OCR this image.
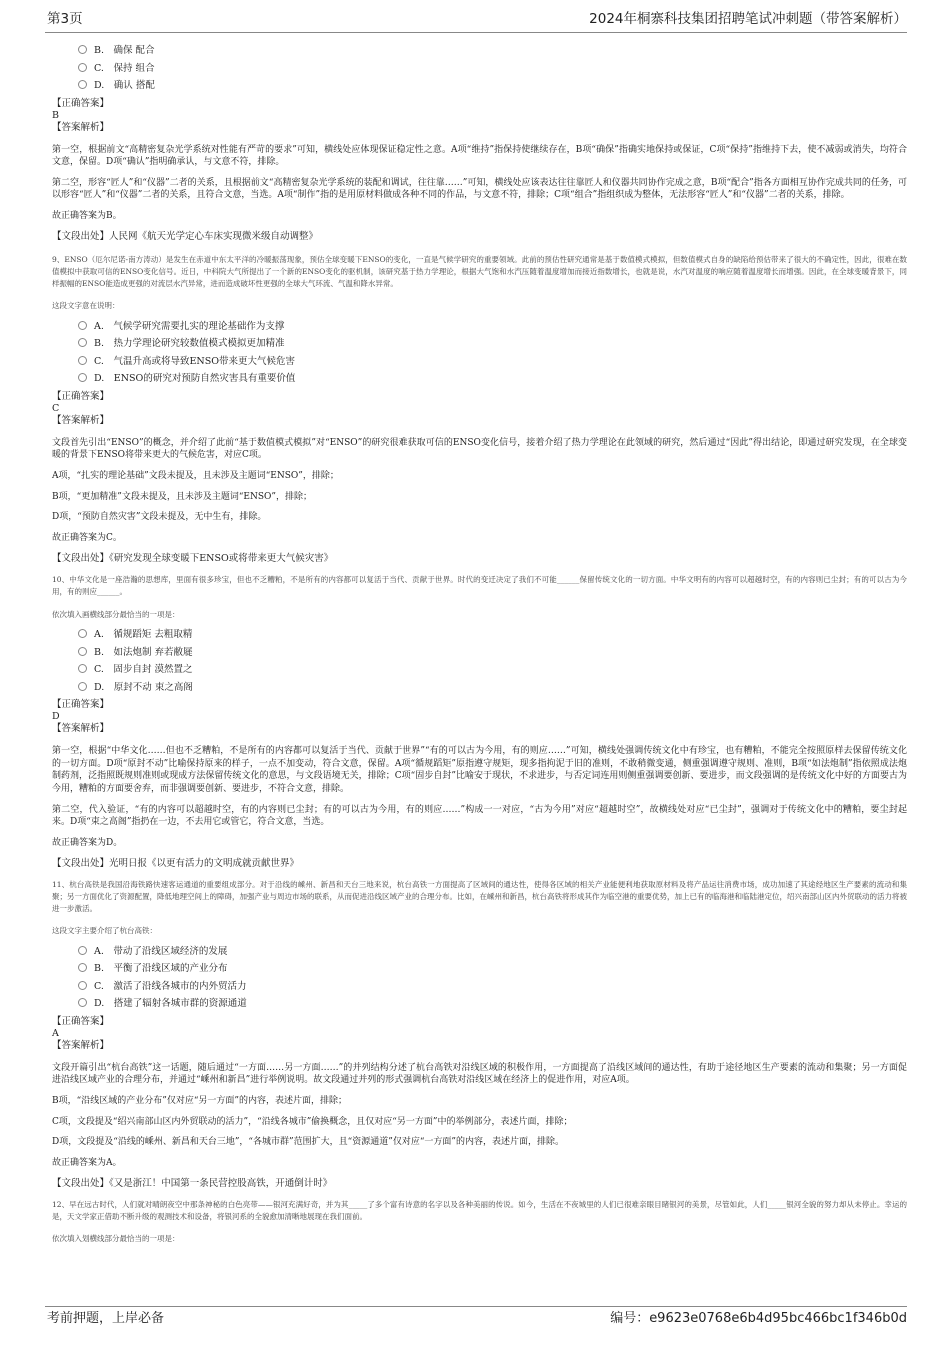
第3页	2024年桐寨科技集团招聘笔试冲刺题（带答案解析）
B.　确保 配合
C.　保持 组合
D.　确认 搭配

【正确答案】

B

【答案解析】

第一空，根据前文“高精密复杂光学系统对性能有严苛的要求”可知，横线处应体现保证稳定性之意。A项“维持”指保持使继续存在，B项“确保”指确实地保持或保证，C项“保持”指维持下去，使不减弱或消失，均符合文意，保留。D项“确认”指明确承认，与文意不符，排除。

第二空，形容“匠人”和“仪器”二者的关系，且根据前文“高精密复杂光学系统的装配和调试，往往靠……”可知，横线处应该表达往往靠匠人和仪器共同协作完成之意，B项“配合”指各方面相互协作完成共同的任务，可以形容“匠人”和“仪器”二者的关系，且符合文意，当选。A项“制作”指的是用原材料做成各种不同的作品，与文意不符，排除；C项“组合”指组织成为整体，无法形容“匠人”和“仪器”二者的关系，排除。

故正确答案为B。

【文段出处】人民网《航天光学定心车床实现微米级自动调整》

9、ENSO（厄尔尼诺-南方涛动）是发生在赤道中东太平洋的冷暖振荡现象，预估全球变暖下ENSO的变化，一直是气候学研究的重要领域。此前的预估性研究通常是基于数值模式模拟，但数值模式自身的缺陷给预估带来了很大的不确定性，因此，很难在数值模拟中获取可信的ENSO变化信号。近日，中科院大气所提出了一个新的ENSO变化的驱机制，该研究基于热力学理论，根据大气饱和水汽压随着温度增加而接近指数增长，也就是说，水汽对温度的响应随着温度增长而增强。因此，在全球变暖背景下，同样振幅的ENSO能造成更强的对流层水汽异常，进而造成破坏性更强的全球大气环流、气温和降水异常。

这段文字意在说明：

A.　气候学研究需要扎实的理论基础作为支撑
B.　热力学理论研究较数值模式模拟更加精准
C.　气温升高或将导致ENSO带来更大气候危害
D.　ENSO的研究对预防自然灾害具有重要价值

【正确答案】

C

【答案解析】

文段首先引出“ENSO”的概念，并介绍了此前“基于数值模式模拟”对“ENSO”的研究很难获取可信的ENSO变化信号，接着介绍了热力学理论在此领域的研究，然后通过“因此”得出结论，即通过研究发现，在全球变暖的背景下ENSO将带来更大的气候危害，对应C项。

A项，“扎实的理论基础”文段未提及，且未涉及主题词“ENSO”，排除；

B项，“更加精准”文段未提及，且未涉及主题词“ENSO”，排除；

D项，“预防自然灾害”文段未提及，无中生有，排除。

故正确答案为C。

【文段出处】《研究发现全球变暖下ENSO或将带来更大气候灾害》

10、中华文化是一座浩瀚的思想库，里面有很多珍宝，但也不乏糟粕，不是所有的内容都可以复活于当代、贡献于世界。时代的变迁决定了我们不可能______保留传统文化的一切方面。中华文明有的内容可以超越时空，有的内容则已尘封；有的可以古为今用，有的则应______。

依次填入画横线部分最恰当的一项是：

A.　循规蹈矩 去粗取精
B.　如法炮制 弃若敝屣
C.　固步自封 漠然置之
D.　原封不动 束之高阁

【正确答案】

D

【答案解析】

第一空，根据“中华文化……但也不乏糟粕，不是所有的内容都可以复活于当代、贡献于世界”“有的可以古为今用，有的则应……”可知，横线处强调传统文化中有珍宝，也有糟粕，不能完全按照原样去保留传统文化的一切方面。D项“原封不动”比喻保持原来的样子，一点不加变动，符合文意，保留。A项“循规蹈矩”原指遵守规矩，现多指拘泥于旧的准则，不敢稍微变通，侧重强调遵守规则、准则，B项“如法炮制”指依照成法炮制药剂，泛指照既规则准则或现成方法保留传统文化的意思，与文段语境无关，排除；C项“固步自封”比喻安于现状，不求进步，与否定词连用则侧重强调要创新、要进步，而文段强调的是传统文化中好的方面要古为今用，糟粕的方面要舍弃，而非强调要创新、要进步，不符合文意，排除。

第二空，代入验证，“有的内容可以超越时空，有的内容则已尘封；有的可以古为今用，有的则应……”构成一一对应，“古为今用”对应“超越时空”，故横线处对应“已尘封”，强调对于传统文化中的糟粕，要尘封起来。D项“束之高阁”指扔在一边，不去用它或管它，符合文意，当选。

故正确答案为D。

【文段出处】光明日报《以更有活力的文明成就贡献世界》

11、杭台高铁是我国沿海铁路快速客运通道的重要组成部分。对于沿线的嵊州、新昌和天台三地来说，杭台高铁一方面提高了区域间的通达性，使得各区域的相关产业能便利地获取原材料及将产品运往消费市场，成功加速了其途经地区生产要素的流动和集聚；另一方面优化了资源配置，降低地理空间上的障碍，加强产业与周边市场的联系，从而促进沿线区域产业的合理分布。比如，在嵊州和新昌，杭台高铁将形成其作为临空港的重要优势，加上已有的临海港和临陆港定位，绍兴南部山区内外贸联动的活力将被进一步激活。

这段文字主要介绍了杭台高铁：

A.　带动了沿线区域经济的发展
B.　平衡了沿线区域的产业分布
C.　激活了沿线各城市的内外贸活力
D.　搭建了辐射各城市群的资源通道

【正确答案】

A

【答案解析】

文段开篇引出“杭台高铁”这一话题，随后通过“一方面……另一方面……”的并列结构分述了杭台高铁对沿线区域的积极作用，一方面提高了沿线区域间的通达性，有助于途径地区生产要素的流动和集聚；另一方面促进沿线区域产业的合理分布，并通过“嵊州和新昌”进行举例说明。故文段通过并列的形式强调杭台高铁对沿线区域在经济上的促进作用，对应A项。

B项，“沿线区域的产业分布”仅对应“另一方面”的内容，表述片面，排除；

C项，文段提及“绍兴南部山区内外贸联动的活力”，“沿线各城市”偷换概念，且仅对应“另一方面”中的举例部分，表述片面，排除；

D项，文段提及“沿线的嵊州、新昌和天台三地”，“各城市群”范围扩大，且“资源通道”仅对应“一方面”的内容，表述片面，排除。

故正确答案为A。

【文段出处】《又是浙江！中国第一条民营控股高铁，开通倒计时》

12、早在远古时代，人们就对晴朗夜空中那条神秘的白色亮带——银河充满好奇，并为其_____了多个富有诗意的名字以及各种美丽的传说。如今，生活在不夜城里的人们已很难亲眼目睹银河的美景，尽管如此，人们_____银河全貌的努力却从未停止。幸运的是，天文学家正借助不断升级的观测技术和设备，将银河系的全貌愈加清晰地展现在我们面前。

依次填入划横线部分最恰当的一项是：

考前押题，上岸必备	编号：e9623e0768e6b4d95bc466bc1f346b0d
